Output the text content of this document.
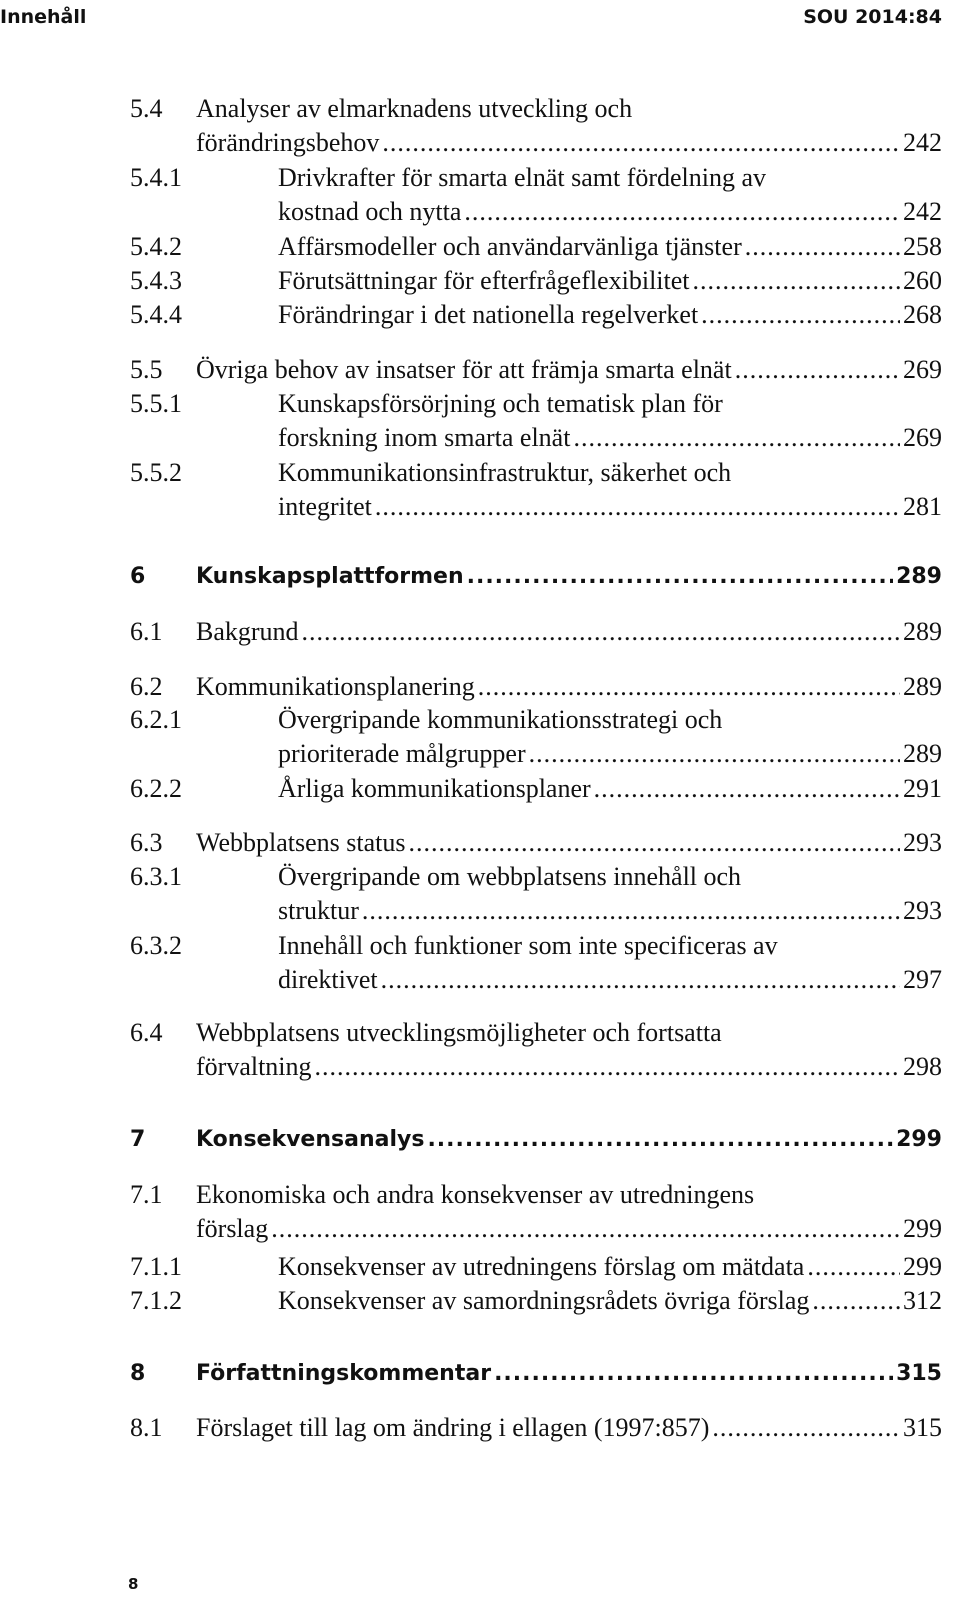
Innehåll	SOU 2014:84
5.4 Analyser av elmarknadens utveckling och
förändringsbehov .....	242
5.4.1	Drivkrafter för smarta elnät samt fördelning av
kostnad och nytta .....	242
5.4.2	Affärsmodeller och användarvänliga tjänster .....	258
5.4.3	Förutsättningar för efterfrågeflexibilitet .....	260
5.4.4	Förändringar i det nationella regelverket .....	268
5.5 Övriga behov av insatser för att främja smarta elnät .....	269
5.5.1	Kunskapsförsörjning och tematisk plan för
forskning inom smarta elnät .....	269
5.5.2	Kommunikationsinfrastruktur, säkerhet och
integritet .....	281
6 Kunskapsplattformen .....	289
6.1 Bakgrund .....	289
6.2 Kommunikationsplanering .....	289
6.2.1	Övergripande kommunikationsstrategi och
prioriterade målgrupper .....	289
6.2.2	Årliga kommunikationsplaner .....	291
6.3 Webbplatsens status .....	293
6.3.1	Övergripande om webbplatsens innehåll och
struktur .....	293
6.3.2	Innehåll och funktioner som inte specificeras av
direktivet .....	297
6.4 Webbplatsens utvecklingsmöjligheter och fortsatta
förvaltning .....	298
7 Konsekvensanalys .....	299
7.1 Ekonomiska och andra konsekvenser av utredningens
förslag .....	299
7.1.1	Konsekvenser av utredningens förslag om mätdata .....	299
7.1.2	Konsekvenser av samordningsrådets övriga förslag .....	312
8 Författningskommentar .....	315
8.1 Förslaget till lag om ändring i ellagen (1997:857) .....	315
8
